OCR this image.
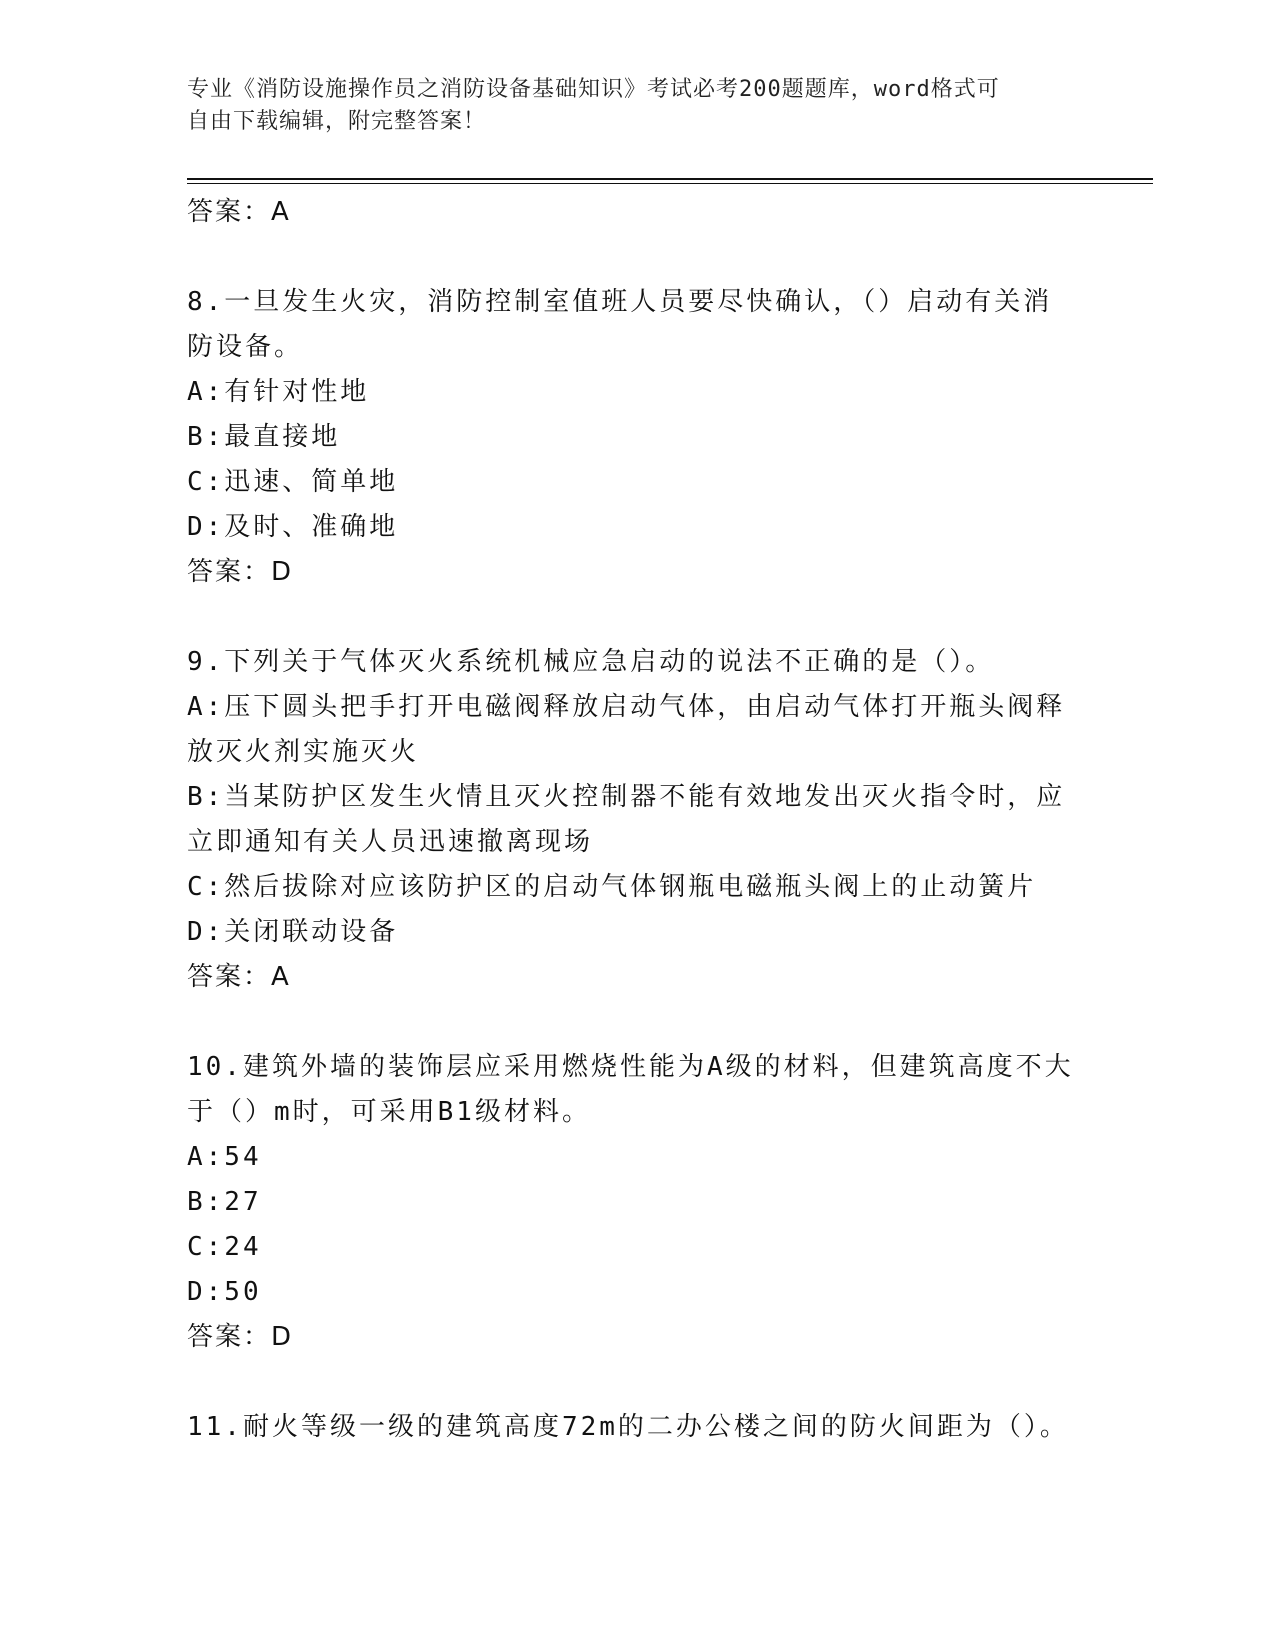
专业《消防设施操作员之消防设备基础知识》考试必考200题题库，word格式可
自由下载编辑，附完整答案！

答案：A

8.一旦发生火灾，消防控制室值班人员要尽快确认，（）启动有关消

防设备。

A:有针对性地

B:最直接地

C:迅速、简单地

D:及时、准确地

答案：D

9.下列关于气体灭火系统机械应急启动的说法不正确的是（）。

A:压下圆头把手打开电磁阀释放启动气体，由启动气体打开瓶头阀释

放灭火剂实施灭火

B:当某防护区发生火情且灭火控制器不能有效地发出灭火指令时，应

立即通知有关人员迅速撤离现场

C:然后拔除对应该防护区的启动气体钢瓶电磁瓶头阀上的止动簧片

D:关闭联动设备

答案：A

10.建筑外墙的装饰层应采用燃烧性能为A级的材料，但建筑高度不大

于（）m时，可采用B1级材料。

A:54

B:27

C:24

D:50

答案：D

11.耐火等级一级的建筑高度72m的二办公楼之间的防火间距为（）。
